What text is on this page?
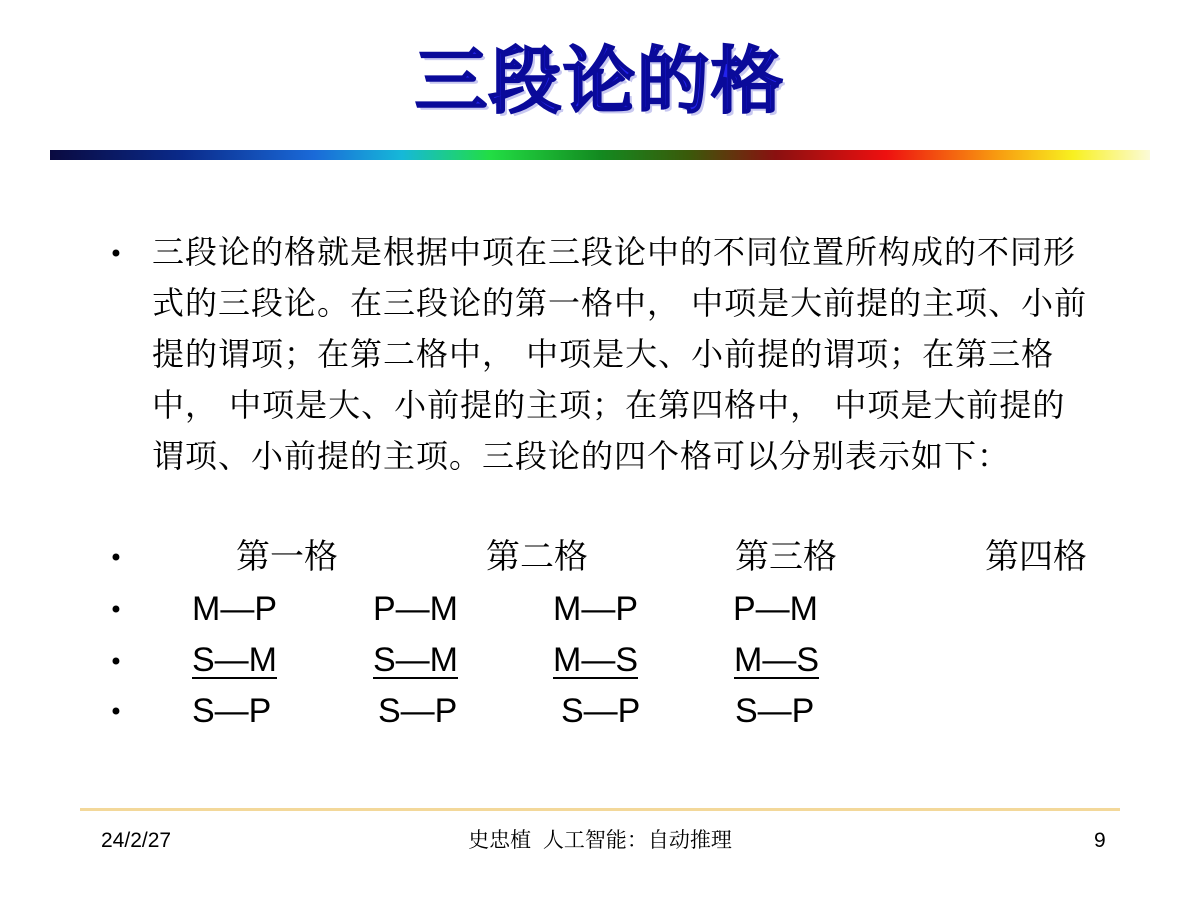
三段论的格
•
•
•
•
•
三段论的格就是根据中项在三段论中的不同位置所构成的不同形式的三段论。在三段论的第一格中， 中项是大前提的主项、小前提的谓项；在第二格中， 中项是大、小前提的谓项；在第三格中， 中项是大、小前提的主项；在第四格中， 中项是大前提的谓项、小前提的主项。三段论的四个格可以分别表示如下：
第一格	第二格	第三格	第四格
M—P	P—M	M—P	P—M
S—M	S—M	M—S	M—S
S—P	S—P	S—P	S—P
24/2/27	史忠植  人工智能：自动推理	9
